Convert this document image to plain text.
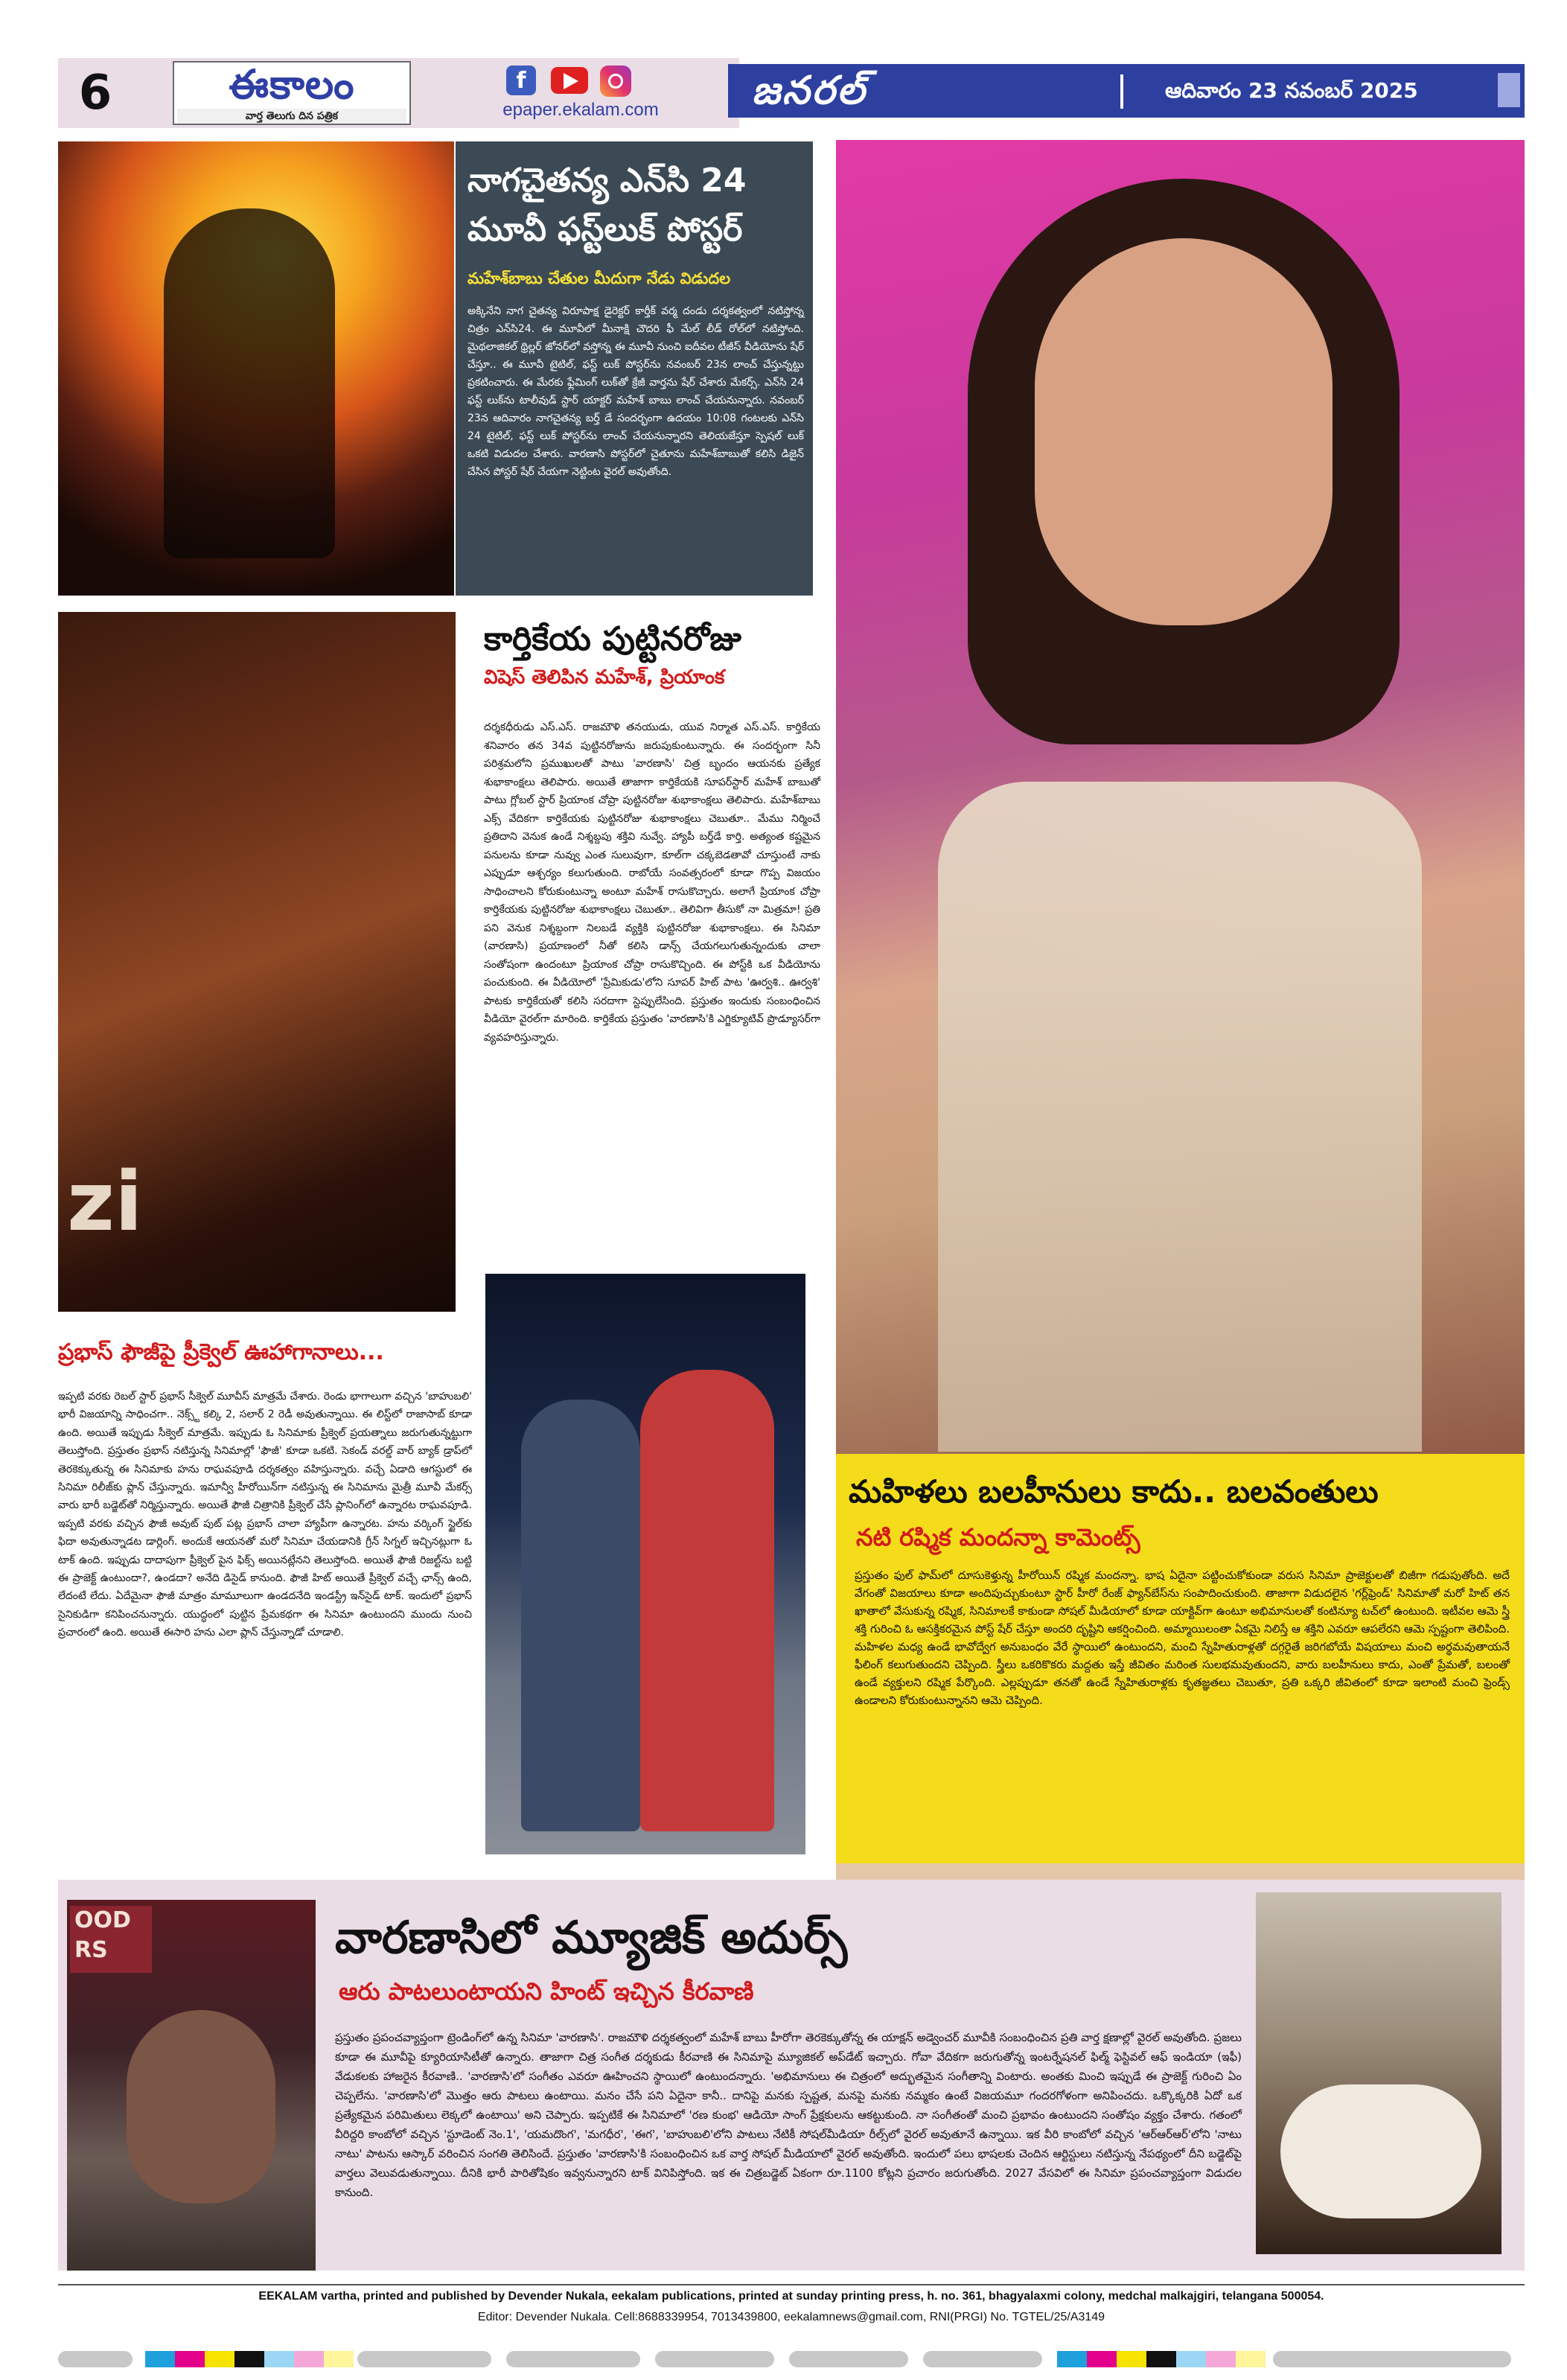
6	ఈకాలం
వార్త తెలుగు దిన పత్రిక
f
epaper.ekalam.com	జనరల్	ఆదివారం 23 నవంబర్ 2025
zi
నాగచైతన్య ఎన్‌సి 24 మూవీ ఫస్ట్‌లుక్ పోస్టర్
మహేశ్‌బాబు చేతుల మీదుగా నేడు విడుదల
అక్కినేని నాగ చైతన్య విరూపాక్ష డైరెక్టర్ కార్తీక్ వర్మ దండు దర్శకత్వంలో నటిస్తోన్న చిత్రం ఎన్‌సి24. ఈ మూవీలో మీనాక్షి చౌదరి ఫీ మేల్ లీడ్ రోల్‌లో నటిస్తోంది. మైథలాజికల్ థ్రిల్లర్ జోనర్‌లో వస్తోన్న ఈ మూవీ నుంచి ఐదీవల టీజీస్ వీడియోను షేర్ చేస్తూ.. ఈ మూవీ టైటిల్, ఫస్ట్ లుక్ పోస్టర్‌ను నవంబర్ 23న లాంచ్ చేస్తున్నట్టు ప్రకటించారు. ఈ మేరకు ఫ్లేమింగ్ లుక్‌తో క్రేజీ వార్తను షేర్ చేశారు మేకర్స్. ఎన్‌సి 24 ఫస్ట్ లుక్‌ను టాలీవుడ్ స్టార్ యాక్టర్ మహేశ్ బాబు లాంచ్ చేయనున్నారు. నవంబర్ 23న ఆదివారం నాగచైతన్య బర్త్ డే సందర్భంగా ఉదయం 10:08 గంటలకు ఎన్‌సి 24 టైటిల్, ఫస్ట్ లుక్ పోస్టర్‌ను లాంచ్ చేయనున్నారని తెలియజేస్తూ స్పెషల్ లుక్ ఒకటి విడుదల చేశారు. వారణాసి పోస్టర్‌లో చైతూను మహేశ్‌బాబుతో కలిసి డిజైన్ చేసిన పోస్టర్ షేర్ చేయగా నెట్టింట వైరల్ అవుతోంది.
కార్తికేయ పుట్టినరోజు
విషెస్ తెలిపిన మహేశ్, ప్రియాంక
దర్శకధీరుడు ఎస్.ఎస్. రాజమౌళి తనయుడు, యువ నిర్మాత ఎస్.ఎస్. కార్తికేయ శనివారం తన 34వ పుట్టినరోజును జరుపుకుంటున్నారు. ఈ సందర్భంగా సినీ పరిశ్రమలోని ప్రముఖులతో పాటు 'వారణాసి' చిత్ర బృందం ఆయనకు ప్రత్యేక శుభాకాంక్షలు తెలిపారు. అయితే తాజాగా కార్తికేయకి సూపర్‌స్టార్ మహేశ్ బాబుతో పాటు గ్లోబల్ స్టార్ ప్రియాంక చోప్రా పుట్టినరోజు శుభాకాంక్షలు తెలిపారు. మహేశ్‌బాబు ఎక్స్ వేదికగా కార్తికేయకు పుట్టినరోజు శుభాకాంక్షలు చెబుతూ.. మేము నిర్మించే ప్రతిదాని వెనుక ఉండే నిశ్శబ్దపు శక్తివి నువ్వే. హ్యాపీ బర్త్‌డే కార్తి. అత్యంత కష్టమైన పనులను కూడా నువ్వు ఎంత సులువుగా, కూల్‌గా చక్కబెడతావో చూస్తుంటే నాకు ఎప్పుడూ ఆశ్చర్యం కలుగుతుంది. రాబోయే సంవత్సరంలో కూడా గొప్ప విజయం సాధించాలని కోరుకుంటున్నా అంటూ మహేశ్ రాసుకొచ్చారు. అలాగే ప్రియాంక చోప్రా కార్తికేయకు పుట్టినరోజు శుభాకాంక్షలు చెబుతూ.. తెలివిగా తీసుకో నా మిత్రమా! ప్రతి పని వెనుక నిశ్శబ్దంగా నిలబడే వ్యక్తికి పుట్టినరోజు శుభాకాంక్షలు. ఈ సినిమా (వారణాసి) ప్రయాణంలో నీతో కలిసి డాన్స్ చేయగలుగుతున్నందుకు చాలా సంతోషంగా ఉందంటూ ప్రియాంక చోప్రా రాసుకొచ్చింది. ఈ పోస్ట్‌కి ఒక వీడియోను పంచుకుంది. ఈ వీడియోలో 'ప్రేమికుడు'లోని సూపర్ హిట్ పాట 'ఊర్వశి.. ఊర్వశి' పాటకు కార్తికేయతో కలిసి సరదాగా స్టెప్పులేసింది. ప్రస్తుతం ఇందుకు సంబంధించిన వీడియో వైరల్‌గా మారింది. కార్తికేయ ప్రస్తుతం 'వారణాసి'కి ఎగ్జిక్యూటివ్ ప్రొడ్యూసర్‌గా వ్యవహరిస్తున్నారు.
ప్రభాస్ ఫౌజీపై ప్రీక్వెల్ ఊహాగానాలు...
ఇప్పటి వరకు రెబల్ స్టార్ ప్రభాస్ సీక్వెల్ మూవీస్ మాత్రమే చేశారు. రెండు భాగాలుగా వచ్చిన 'బాహుబలి' భారీ విజయాన్ని సాధించగా.. నెక్స్ట్ కల్కి 2, సలార్ 2 రెడీ అవుతున్నాయి. ఈ లిస్ట్‌లో రాజాసాబ్ కూడా ఉంది. అయితే ఇప్పుడు సీక్వెల్ మాత్రమే. ఇప్పుడు ఓ సినిమాకు ప్రీక్వెల్ ప్రయత్నాలు జరుగుతున్నట్టుగా తెలుస్తోంది. ప్రస్తుతం ప్రభాస్ నటిస్తున్న సినిమాల్లో 'ఫౌజీ' కూడా ఒకటి. సెకండ్ వరల్డ్ వార్ బ్యాక్ డ్రాప్‌లో తెరకెక్కుతున్న ఈ సినిమాకు హను రాఘవపూడి దర్శకత్వం వహిస్తున్నారు. వచ్చే ఏడాది ఆగస్టులో ఈ సినిమా రిలీజ్‌కు ప్లాన్ చేస్తున్నారు. ఇమాన్వీ హీరోయిన్‌గా నటిస్తున్న ఈ సినిమాను మైత్రీ మూవీ మేకర్స్ వారు భారీ బడ్జెట్‌తో నిర్మిస్తున్నారు. అయితే ఫౌజీ చిత్రానికి ప్రీక్వెల్ చేసే ప్లానింగ్‌లో ఉన్నారట రాఘవపూడి. ఇప్పటి వరకు వచ్చిన ఫౌజీ అవుట్ పుట్ పట్ల ప్రభాస్ చాలా హ్యాపీగా ఉన్నారట. హను వర్కింగ్ స్టైల్‌కు ఫిదా అవుతున్నాడట డార్లింగ్. అందుకే ఆయనతో మరో సినిమా చేయడానికి గ్రీన్ సిగ్నల్ ఇచ్చినట్లుగా ఓ టాక్ ఉంది. ఇప్పుడు దాదాపుగా ప్రీక్వెల్ పైన ఫిక్స్ అయినట్లేనని తెలుస్తోంది. అయితే ఫౌజీ రిజల్ట్‌ను బట్టి ఈ ప్రాజెక్ట్ ఉంటుందా?, ఉండదా? అనేది డిసైడ్ కానుంది. ఫౌజీ హిట్ అయితే ప్రీక్వెల్ వచ్చే ఛాన్స్ ఉంది, లేదంటే లేదు. ఏదేమైనా ఫౌజీ మాత్రం మామూలుగా ఉండదనేది ఇండస్ట్రీ ఇన్‌సైడ్ టాక్. ఇందులో ప్రభాస్ సైనికుడిగా కనిపించనున్నారు. యుద్ధంలో పుట్టిన ప్రేమకథగా ఈ సినిమా ఉంటుందని ముందు నుంచి ప్రచారంలో ఉంది. అయితే ఈసారి హను ఎలా ప్లాన్ చేస్తున్నాడో చూడాలి.
మహిళలు బలహీనులు కాదు.. బలవంతులు
నటి రష్మిక మందన్నా కామెంట్స్
ప్రస్తుతం ఫుల్ ఫామ్‌లో దూసుకెళ్తున్న హీరోయిన్ రష్మిక మందన్నా. భాష ఏదైనా పట్టించుకోకుండా వరుస సినిమా ప్రాజెక్టులతో బిజీగా గడుపుతోంది. అదే వేగంతో విజయాలు కూడా అందిపుచ్చుకుంటూ స్టార్ హీరో రేంజ్ ఫ్యాన్‌బేస్‌ను సంపాదించుకుంది. తాజాగా విడుదలైన 'గర్ల్‌ఫ్రెండ్' సినిమాతో మరో హిట్ తన ఖాతాలో వేసుకున్న రష్మిక, సినిమాలకే కాకుండా సోషల్ మీడియాలో కూడా యాక్టివ్‌గా ఉంటూ అభిమానులతో కంటిన్యూ టచ్‌లో ఉంటుంది. ఇటీవల ఆమె స్త్రీ శక్తి గురించి ఓ ఆసక్తికరమైన పోస్ట్ షేర్ చేస్తూ అందరి దృష్టిని ఆకర్షించింది. అమ్మాయిలంతా ఏకమై నిలిస్తే ఆ శక్తిని ఎవరూ ఆపలేరని ఆమె స్పష్టంగా తెలిపింది. మహిళల మధ్య ఉండే భావోద్వేగ అనుబంధం వేరే స్థాయిలో ఉంటుందని, మంచి స్నేహితురాళ్లతో దగ్గరైతే జరిగబోయే విషయాలు మంచి అర్థమవుతాయనే ఫీలింగ్ కలుగుతుందని చెప్పింది. స్త్రీలు ఒకరికొకరు మద్దతు ఇస్తే జీవితం మరింత సులభమవుతుందని, వారు బలహీనులు కాదు, ఎంతో ప్రేమతో, బలంతో ఉండే వ్యక్తులని రష్మిక పేర్కొంది. ఎల్లప్పుడూ తనతో ఉండే స్నేహితురాళ్లకు కృతజ్ఞతలు చెబుతూ, ప్రతి ఒక్కరి జీవితంలో కూడా ఇలాంటి మంచి ఫ్రెండ్స్ ఉండాలని కోరుకుంటున్నానని ఆమె చెప్పింది.
OOD RS	వారణాసిలో మ్యూజిక్ అదుర్స్
ఆరు పాటలుంటాయని హింట్ ఇచ్చిన కీరవాణి
ప్రస్తుతం ప్రపంచవ్యాప్తంగా ట్రెండింగ్‌లో ఉన్న సినిమా 'వారణాసి'. రాజమౌళి దర్శకత్వంలో మహేశ్ బాబు హీరోగా తెరకెక్కుతోన్న ఈ యాక్షన్ అడ్వెంచర్ మూవీకి సంబంధించిన ప్రతి వార్త క్షణాల్లో వైరల్ అవుతోంది. ప్రజలు కూడా ఈ మూవీపై క్యూరియాసిటీతో ఉన్నారు. తాజాగా చిత్ర సంగీత దర్శకుడు కీరవాణి ఈ సినిమాపై మ్యూజికల్ అప్‌డేట్ ఇచ్చారు. గోవా వేదికగా జరుగుతోన్న ఇంటర్నేషనల్ ఫిల్మ్ ఫెస్టివల్ ఆఫ్ ఇండియా (ఇఫీ) వేడుకలకు హాజరైన కీరవాణి.. 'వారణాసి'లో సంగీతం ఎవరూ ఊహించని స్థాయిలో ఉంటుందన్నారు. 'అభిమానులు ఈ చిత్రంలో అద్భుతమైన సంగీతాన్ని వింటారు. అంతకు మించి ఇప్పుడే ఈ ప్రాజెక్ట్ గురించి ఏం చెప్పలేను. 'వారణాసి'లో మొత్తం ఆరు పాటలు ఉంటాయి. మనం చేసే పని ఏదైనా కానీ.. దానిపై మనకు స్పష్టత, మనపై మనకు నమ్మకం ఉంటే విజయమూ గందరగోళంగా అనిపించదు. ఒక్కొక్కరికి ఏదో ఒక ప్రత్యేకమైన పరిమితులు లెక్కలో ఉంటాయి' అని చెప్పారు. ఇప్పటికే ఈ సినిమాలో 'రణ కుంభ' ఆడియో సాంగ్ ప్రేక్షకులను ఆకట్టుకుంది. నా సంగీతంతో మంచి ప్రభావం ఉంటుందని సంతోషం వ్యక్తం చేశారు. గతంలో వీరిద్దరి కాంబోలో వచ్చిన 'స్టూడెంట్ నెం.1', 'యమదొంగ', 'మగధీర', 'ఈగ', 'బాహుబలి'లోని పాటలు నేటికీ సోషల్‌మీడియా రీల్స్‌లో వైరల్ అవుతూనే ఉన్నాయి. ఇక వీరి కాంబోలో వచ్చిన 'ఆర్ఆర్ఆర్'లోని 'నాటు నాటు' పాటను ఆస్కార్ వరించిన సంగతి తెలిసిందే. ప్రస్తుతం 'వారణాసి'కి సంబంధించిన ఒక వార్త సోషల్ మీడియాలో వైరల్ అవుతోంది. ఇందులో పలు భాషలకు చెందిన ఆర్టిస్టులు నటిస్తున్న నేపథ్యంలో దీని బడ్జెట్‌పై వార్తలు వెలువడుతున్నాయి. దీనికి భారీ పారితోషికం ఇవ్వనున్నారని టాక్ వినిపిస్తోంది. ఇక ఈ చిత్రబడ్జెట్ ఏకంగా రూ.1100 కోట్లని ప్రచారం జరుగుతోంది. 2027 వేసవిలో ఈ సినిమా ప్రపంచవ్యాప్తంగా విడుదల కానుంది.
EEKALAM vartha, printed and published by Devender Nukala, eekalam publications, printed at sunday printing press, h. no. 361, bhagyalaxmi colony, medchal malkajgiri, telangana 500054.
Editor: Devender Nukala. Cell:8688339954, 7013439800, eekalamnews@gmail.com, RNI(PRGI) No. TGTEL/25/A3149
